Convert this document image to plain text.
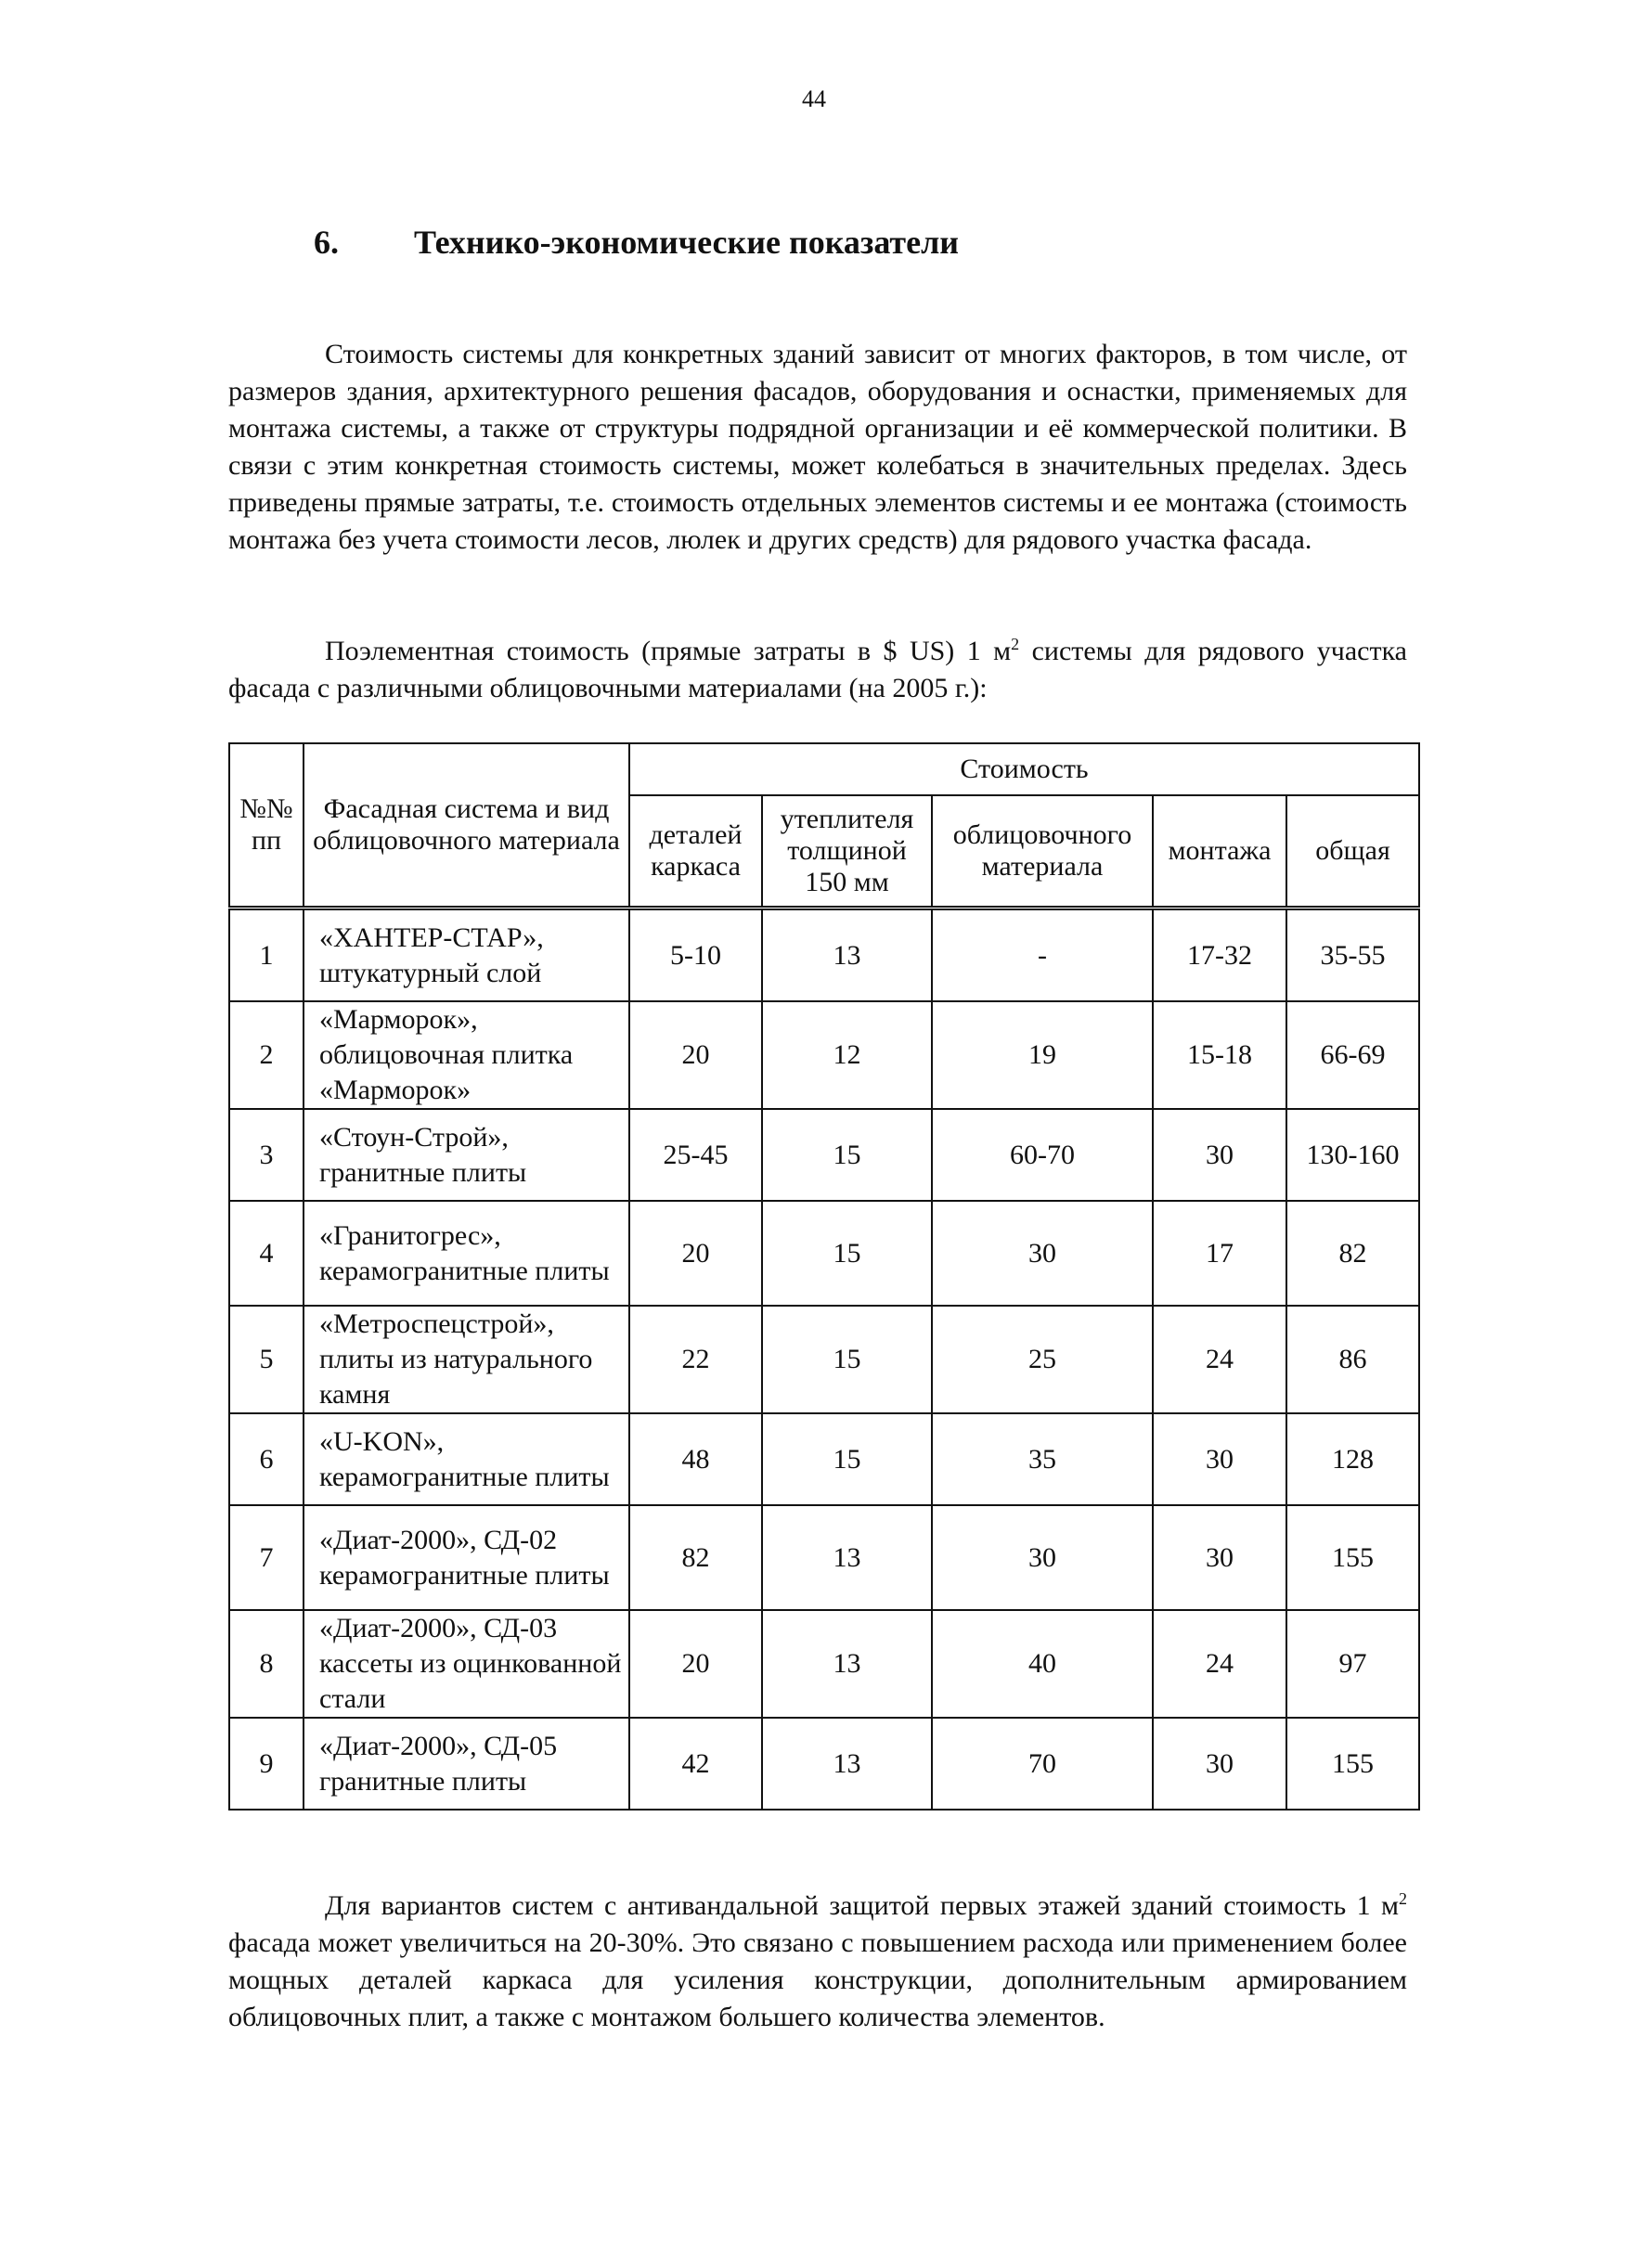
44
6.	Технико-экономические показатели

Стоимость системы для конкретных зданий зависит от многих факторов, в том числе, от размеров здания, архитектурного решения фасадов, оборудования и оснастки, применяемых для монтажа системы, а также от структуры подрядной организации и её коммерческой политики. В связи с этим конкретная стоимость системы, может колебаться в значительных пределах. Здесь приведены прямые затраты, т.е. стоимость отдельных элементов системы и ее монтажа (стоимость монтажа без учета стоимости лесов, люлек и других средств) для рядового участка фасада.

Поэлементная стоимость (прямые затраты в $ US) 1 $м^2$ системы для рядового участка фасада с различными облицовочными материалами (на 2005 г.):

№№ пп	Фасадная система и вид облицовочного материала	Стоимость				
		деталей каркаса	утеплителя толщиной 150 мм	облицовочного материала	монтажа	общая
1	«ХАНТЕР-СТАР», штукатурный слой	5-10	13	-	17-32	35-55
2	«Марморок», облицовочная плитка «Марморок»	20	12	19	15-18	66-69
3	«Стоун-Строй», гранитные плиты	25-45	15	60-70	30	130-160
4	«Гранитогрес», керамогранитные плиты	20	15	30	17	82
5	«Метроспецстрой», плиты из натурального камня	22	15	25	24	86
6	«U-KON», керамогранитные плиты	48	15	35	30	128
7	«Диат-2000», СД-02 керамогранитные плиты	82	13	30	30	155
8	«Диат-2000», СД-03 кассеты из оцинкованной стали	20	13	40	24	97
9	«Диат-2000», СД-05 гранитные плиты	42	13	70	30	155

Для вариантов систем с антивандальной защитой первых этажей зданий стоимость 1 $м^2$ фасада может увеличиться на 20-30%. Это связано с повышением расхода или применением более мощных деталей каркаса для усиления конструкции, дополнительным армированием облицовочных плит, а также с монтажом большего количества элементов.
